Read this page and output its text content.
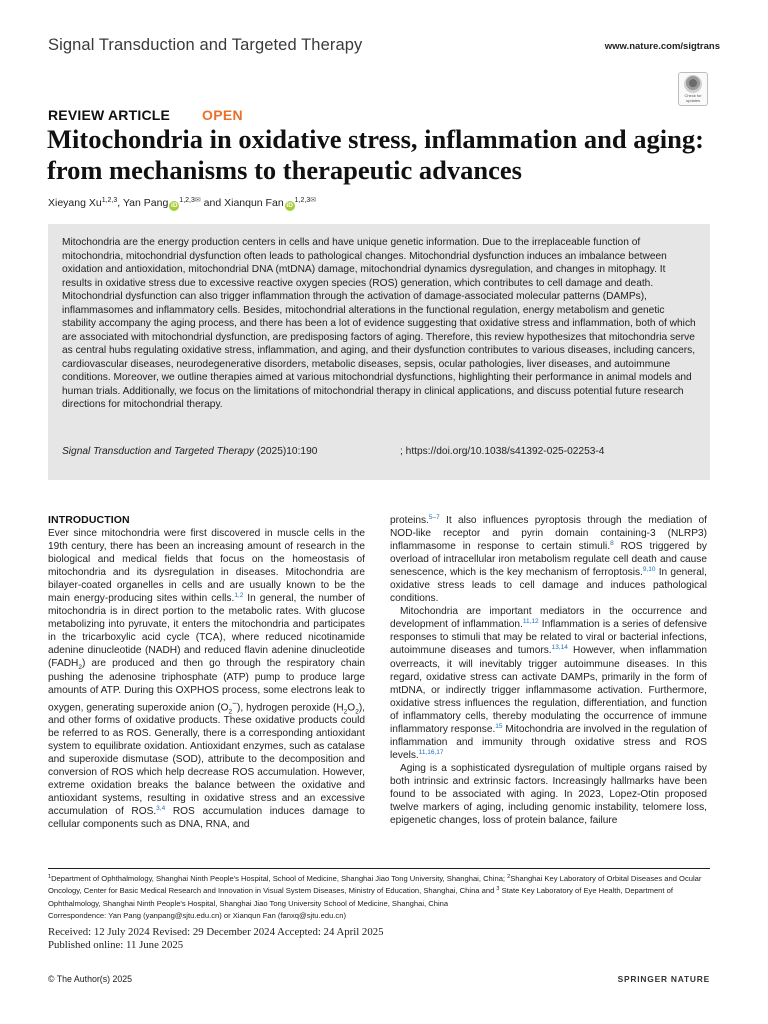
Signal Transduction and Targeted Therapy	www.nature.com/sigtrans
Check for updates
REVIEW ARTICLE OPEN
Mitochondria in oxidative stress, inflammation and aging: from mechanisms to therapeutic advances
Xieyang Xu$^{1,2,3}$, Yan Pang iD$^{1,2,3}$✉ and Xianqun Fan iD$^{1,2,3}$✉

Mitochondria are the energy production centers in cells and have unique genetic information. Due to the irreplaceable function of mitochondria, mitochondrial dysfunction often leads to pathological changes. Mitochondrial dysfunction induces an imbalance between oxidation and antioxidation, mitochondrial DNA (mtDNA) damage, mitochondrial dynamics dysregulation, and changes in mitophagy. It results in oxidative stress due to excessive reactive oxygen species (ROS) generation, which contributes to cell damage and death. Mitochondrial dysfunction can also trigger inflammation through the activation of damage-associated molecular patterns (DAMPs), inflammasomes and inflammatory cells. Besides, mitochondrial alterations in the functional regulation, energy metabolism and genetic stability accompany the aging process, and there has been a lot of evidence suggesting that oxidative stress and inflammation, both of which are associated with mitochondrial dysfunction, are predisposing factors of aging. Therefore, this review hypothesizes that mitochondria serve as central hubs regulating oxidative stress, inflammation, and aging, and their dysfunction contributes to various diseases, including cancers, cardiovascular diseases, neurodegenerative disorders, metabolic diseases, sepsis, ocular pathologies, liver diseases, and autoimmune conditions. Moreover, we outline therapies aimed at various mitochondrial dysfunctions, highlighting their performance in animal models and human trials. Additionally, we focus on the limitations of mitochondrial therapy in clinical applications, and discuss potential future research directions for mitochondrial therapy.

Signal Transduction and Targeted Therapy (2025)10:190	; https://doi.org/10.1038/s41392-025-02253-4
INTRODUCTION

Ever since mitochondria were first discovered in muscle cells in the 19th century, there has been an increasing amount of research in the biological and medical fields that focus on the homeostasis of mitochondria and its dysregulation in diseases. Mitochondria are bilayer-coated organelles in cells and are usually known to be the main energy-producing sites within cells.$^{1,2}$ In general, the number of mitochondria is in direct portion to the metabolic rates. With glucose metabolizing into pyruvate, it enters the mitochondria and participates in the tricarboxylic acid cycle (TCA), where reduced nicotinamide adenine dinucleotide (NADH) and reduced flavin adenine dinucleotide $(FADH_2)$ are produced and then go through the respiratory chain pushing the adenosine triphosphate (ATP) pump to produce large amounts of ATP. During this OXPHOS process, some electrons leak to oxygen, generating superoxide anion $(O_2^-)$, hydrogen peroxide $(H_2O_2)$, and other forms of oxidative products. These oxidative products could be referred to as ROS. Generally, there is a corresponding antioxidant system to equilibrate oxidation. Antioxidant enzymes, such as catalase and superoxide dismutase (SOD), attribute to the decomposition and conversion of ROS which help decrease ROS accumulation. However, extreme oxidation breaks the balance between the oxidative and antioxidant systems, resulting in oxidative stress and an excessive accumulation of ROS.$^{3,4}$ ROS accumulation induces damage to cellular components such as DNA, RNA, and

proteins.$^{5-7}$ It also influences pyroptosis through the mediation of NOD-like receptor and pyrin domain containing-3 (NLRP3) inflammasome in response to certain stimuli.$^8$ ROS triggered by overload of intracellular iron metabolism regulate cell death and cause senescence, which is the key mechanism of ferroptosis.$^{9,10}$ In general, oxidative stress leads to cell damage and induces pathological conditions.

Mitochondria are important mediators in the occurrence and development of inflammation.$^{11,12}$ Inflammation is a series of defensive responses to stimuli that may be related to viral or bacterial infections, autoimmune diseases and tumors.$^{13,14}$ However, when inflammation overreacts, it will inevitably trigger autoimmune diseases. In this regard, oxidative stress can activate DAMPs, primarily in the form of mtDNA, or indirectly trigger inflammasome activation. Furthermore, oxidative stress influences the regulation, differentiation, and function of inflammatory cells, thereby modulating the occurrence of immune inflammatory response.$^{15}$ Mitochondria are involved in the regulation of inflammation and immunity through oxidative stress and ROS levels.$^{11,16,17}$

Aging is a sophisticated dysregulation of multiple organs raised by both intrinsic and extrinsic factors. Increasingly hallmarks have been found to be associated with aging. In 2023, Lopez-Otin proposed twelve markers of aging, including genomic instability, telomere loss, epigenetic changes, loss of protein balance, failure

$^1$Department of Ophthalmology, Shanghai Ninth People's Hospital, School of Medicine, Shanghai Jiao Tong University, Shanghai, China; $^2$Shanghai Key Laboratory of Orbital Diseases and Ocular Oncology, Center for Basic Medical Research and Innovation in Visual System Diseases, Ministry of Education, Shanghai, China and $^3$ State Key Laboratory of Eye Health, Department of Ophthalmology, Shanghai Ninth People's Hospital, Shanghai Jiao Tong University School of Medicine, Shanghai, China
Correspondence: Yan Pang (yanpang@sjtu.edu.cn) or Xianqun Fan (fanxq@sjtu.edu.cn)
Received: 12 July 2024 Revised: 29 December 2024 Accepted: 24 April 2025
Published online: 11 June 2025
© The Author(s) 2025	SPRINGER NATURE
